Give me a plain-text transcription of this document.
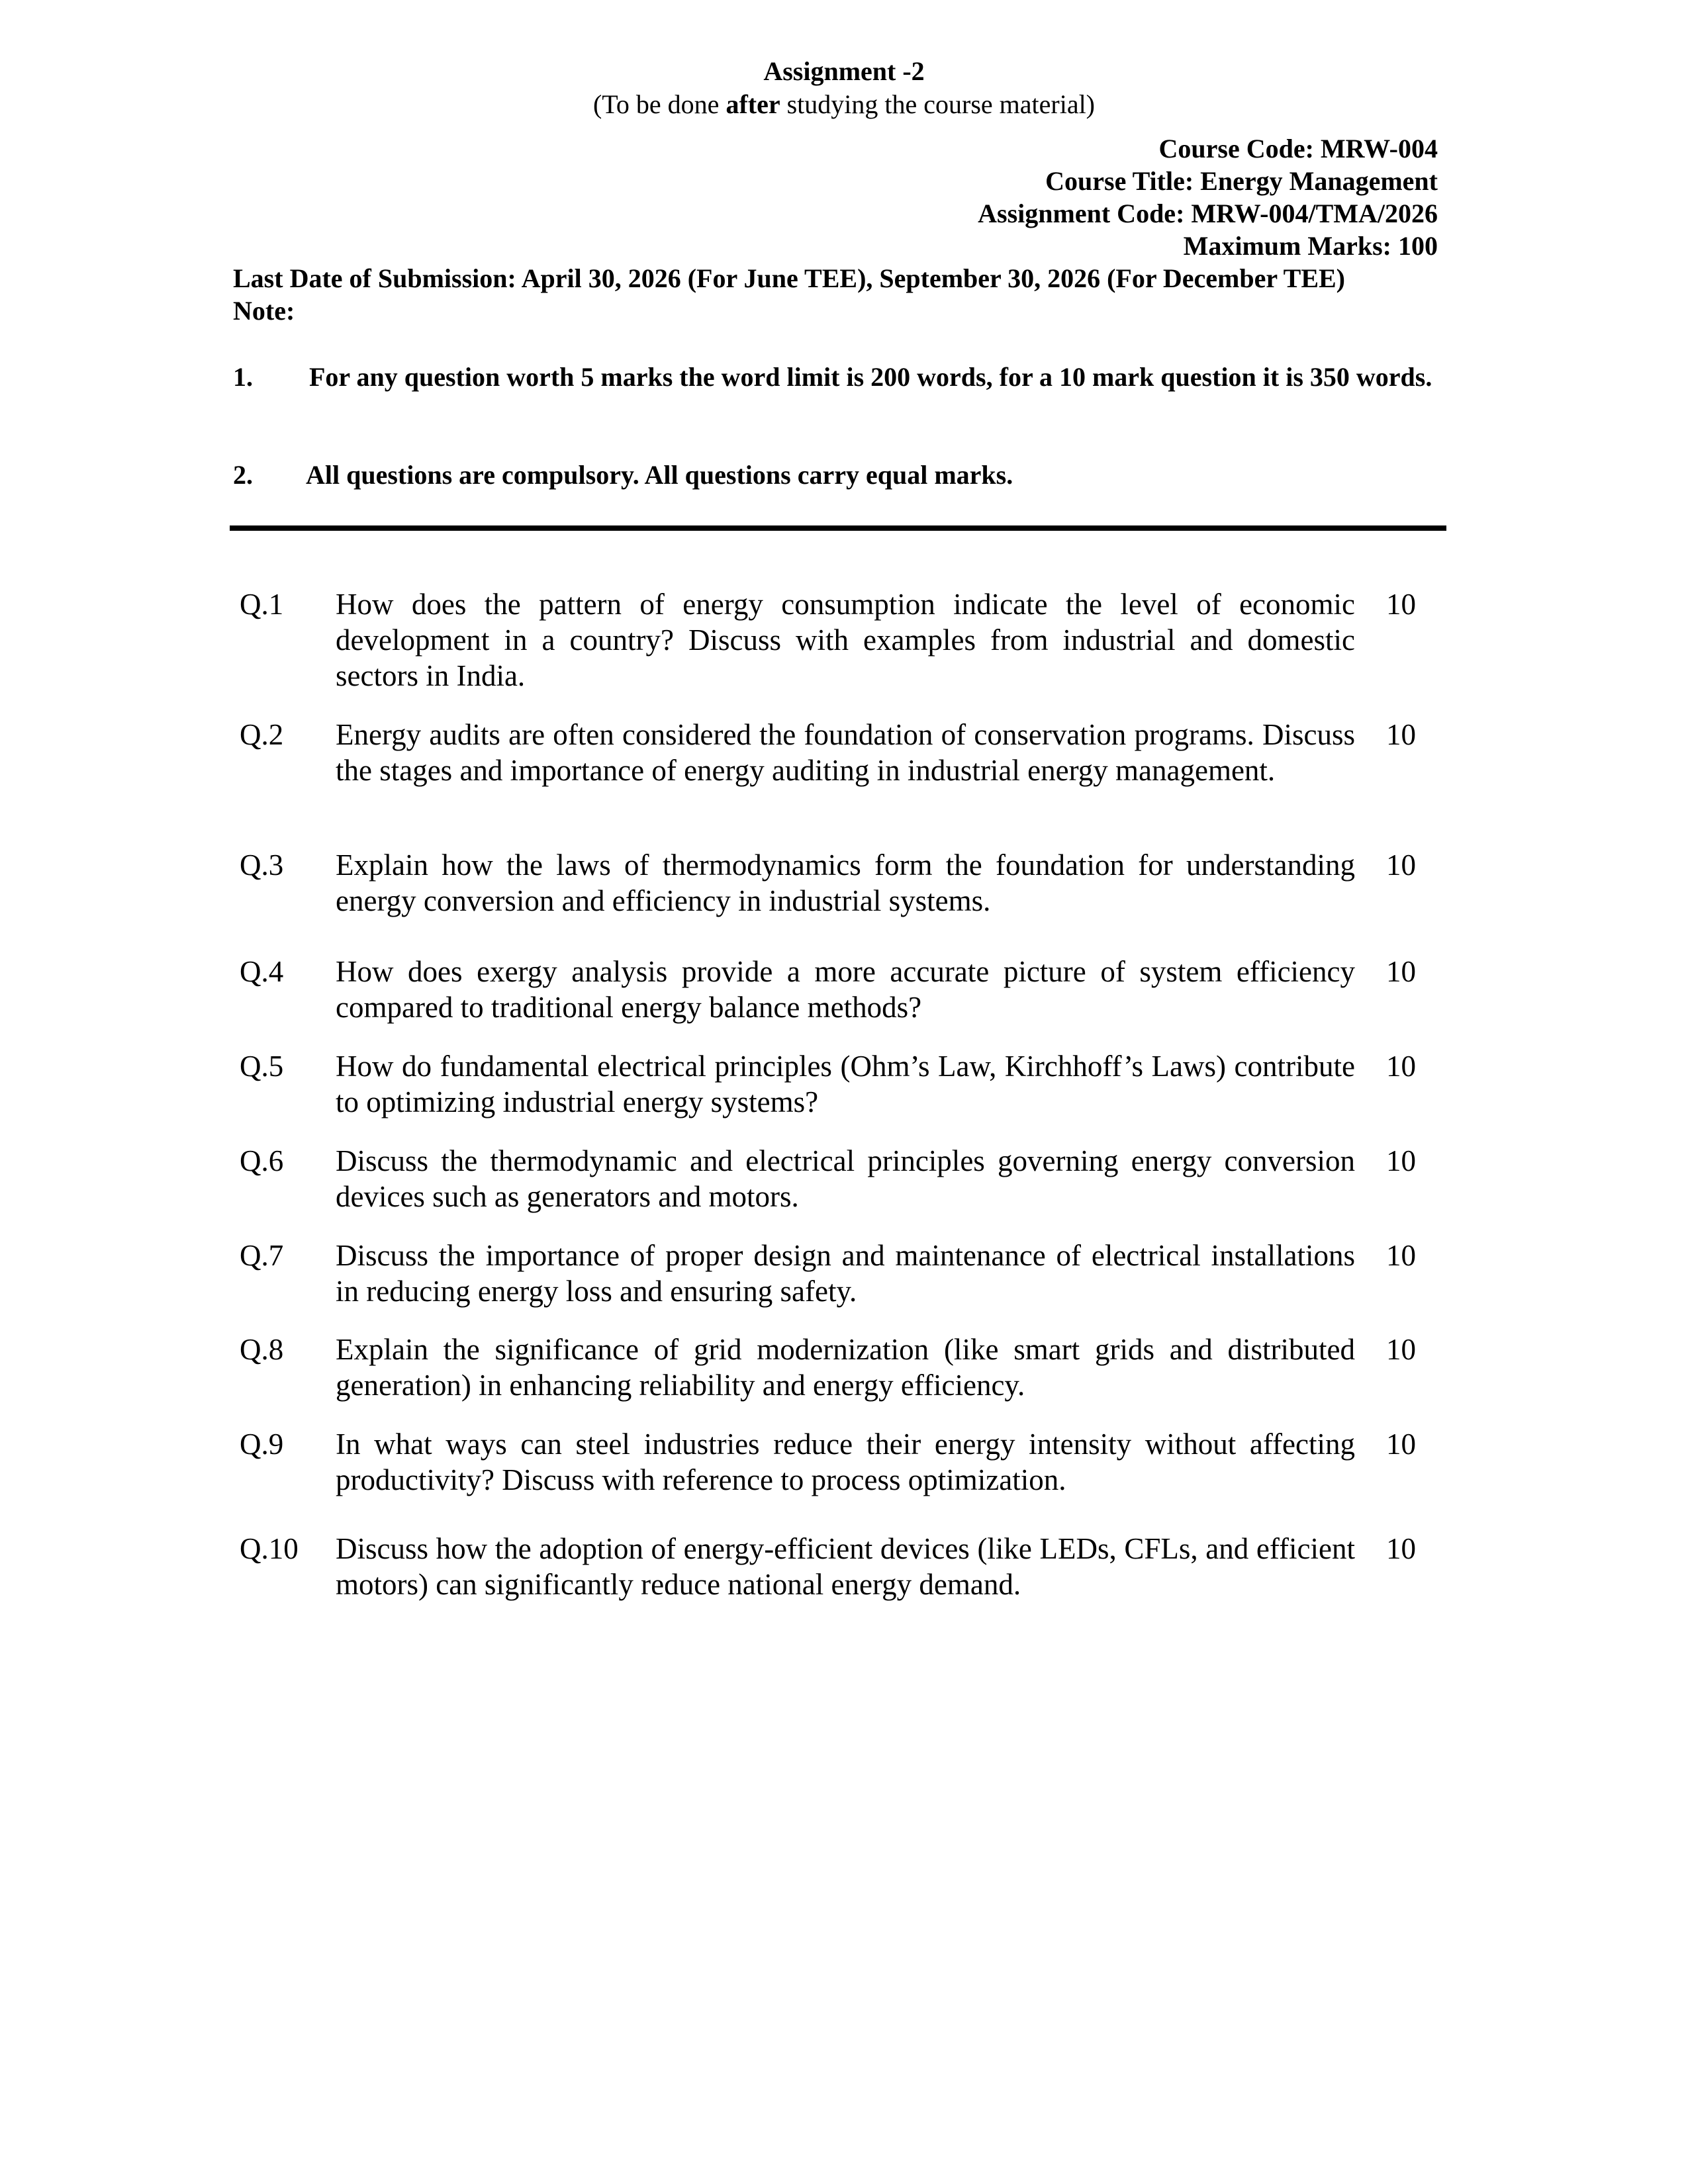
Assignment -2
(To be done after studying the course material)
Course Code: MRW-004
Course Title: Energy Management
Assignment Code: MRW-004/TMA/2026
Maximum Marks: 100
Last Date of Submission: April 30, 2026 (For June TEE), September 30, 2026 (For December TEE)
Note:
1. For any question worth 5 marks the word limit is 200 words, for a 10 mark question it is 350 words.
2. All questions are compulsory. All questions carry equal marks.
Q.1 How does the pattern of energy consumption indicate the level of economic development in a country? Discuss with examples from industrial and domestic sectors in India.
10
Q.2 Energy audits are often considered the foundation of conservation programs. Discuss the stages and importance of energy auditing in industrial energy management.
10
Q.3 Explain how the laws of thermodynamics form the foundation for understanding energy conversion and efficiency in industrial systems.
10
Q.4 How does exergy analysis provide a more accurate picture of system efficiency compared to traditional energy balance methods?
10
Q.5 How do fundamental electrical principles (Ohm’s Law, Kirchhoff’s Laws) contribute to optimizing industrial energy systems?
10
Q.6 Discuss the thermodynamic and electrical principles governing energy conversion devices such as generators and motors.
10
Q.7 Discuss the importance of proper design and maintenance of electrical installations in reducing energy loss and ensuring safety.
10
Q.8 Explain the significance of grid modernization (like smart grids and distributed generation) in enhancing reliability and energy efficiency.
10
Q.9 In what ways can steel industries reduce their energy intensity without affecting productivity? Discuss with reference to process optimization.
10
Q.10 Discuss how the adoption of energy-efficient devices (like LEDs, CFLs, and efficient motors) can significantly reduce national energy demand.
10
